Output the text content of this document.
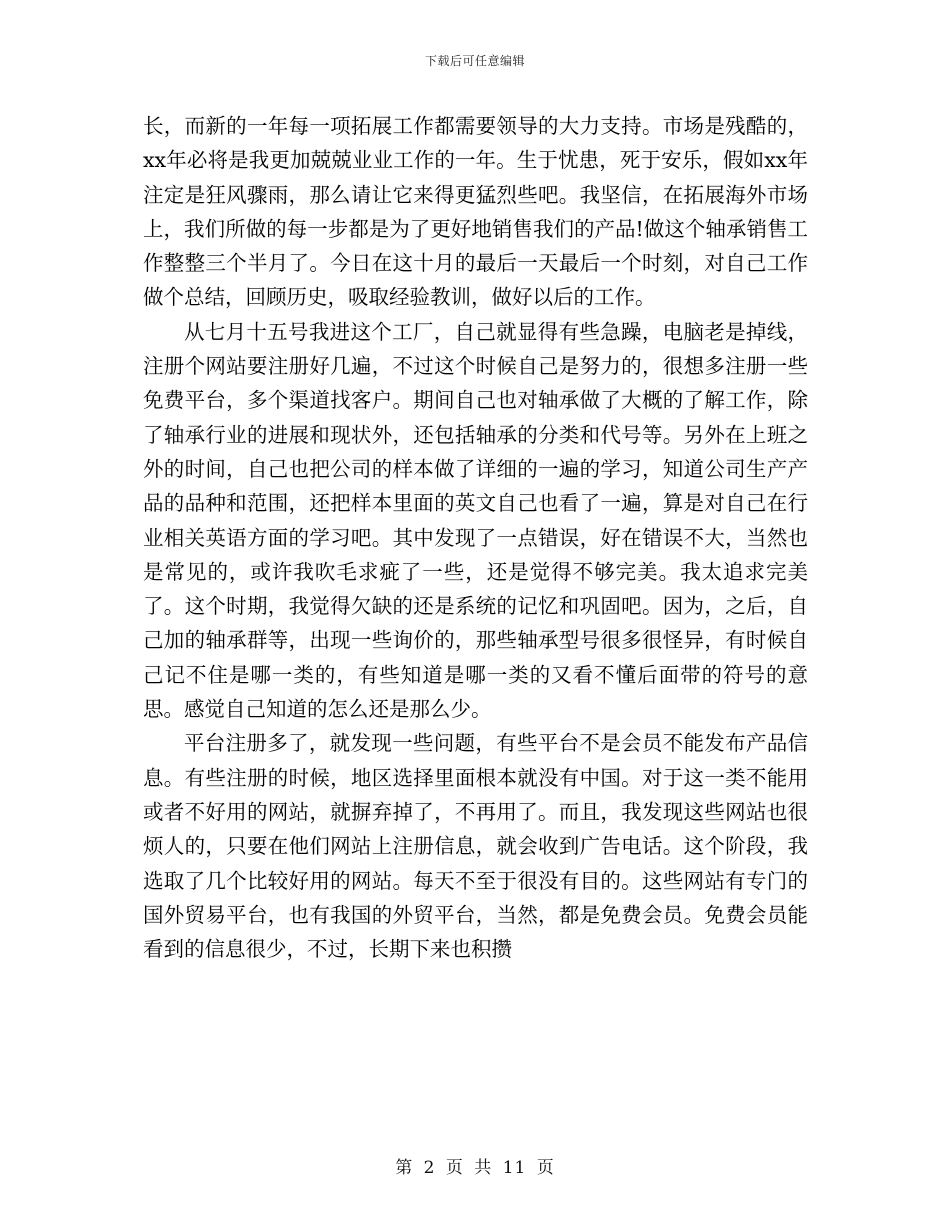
下载后可任意编辑

长，而新的一年每一项拓展工作都需要领导的大力支持。市场是残酷的，xx年必将是我更加兢兢业业工作的一年。生于忧患，死于安乐，假如xx年注定是狂风骤雨，那么请让它来得更猛烈些吧。我坚信，在拓展海外市场上，我们所做的每一步都是为了更好地销售我们的产品!做这个轴承销售工作整整三个半月了。今日在这十月的最后一天最后一个时刻，对自己工作做个总结，回顾历史，吸取经验教训，做好以后的工作。

从七月十五号我进这个工厂，自己就显得有些急躁，电脑老是掉线，注册个网站要注册好几遍，不过这个时候自己是努力的，很想多注册一些免费平台，多个渠道找客户。期间自己也对轴承做了大概的了解工作，除了轴承行业的进展和现状外，还包括轴承的分类和代号等。另外在上班之外的时间，自己也把公司的样本做了详细的一遍的学习，知道公司生产产品的品种和范围，还把样本里面的英文自己也看了一遍，算是对自己在行业相关英语方面的学习吧。其中发现了一点错误，好在错误不大，当然也是常见的，或许我吹毛求疵了一些，还是觉得不够完美。我太追求完美了。这个时期，我觉得欠缺的还是系统的记忆和巩固吧。因为，之后，自己加的轴承群等，出现一些询价的，那些轴承型号很多很怪异，有时候自己记不住是哪一类的，有些知道是哪一类的又看不懂后面带的符号的意思。感觉自己知道的怎么还是那么少。

平台注册多了，就发现一些问题，有些平台不是会员不能发布产品信息。有些注册的时候，地区选择里面根本就没有中国。对于这一类不能用或者不好用的网站，就摒弃掉了，不再用了。而且，我发现这些网站也很烦人的，只要在他们网站上注册信息，就会收到广告电话。这个阶段，我选取了几个比较好用的网站。每天不至于很没有目的。这些网站有专门的国外贸易平台，也有我国的外贸平台，当然，都是免费会员。免费会员能看到的信息很少，不过，长期下来也积攒

第 2 页 共 11 页
